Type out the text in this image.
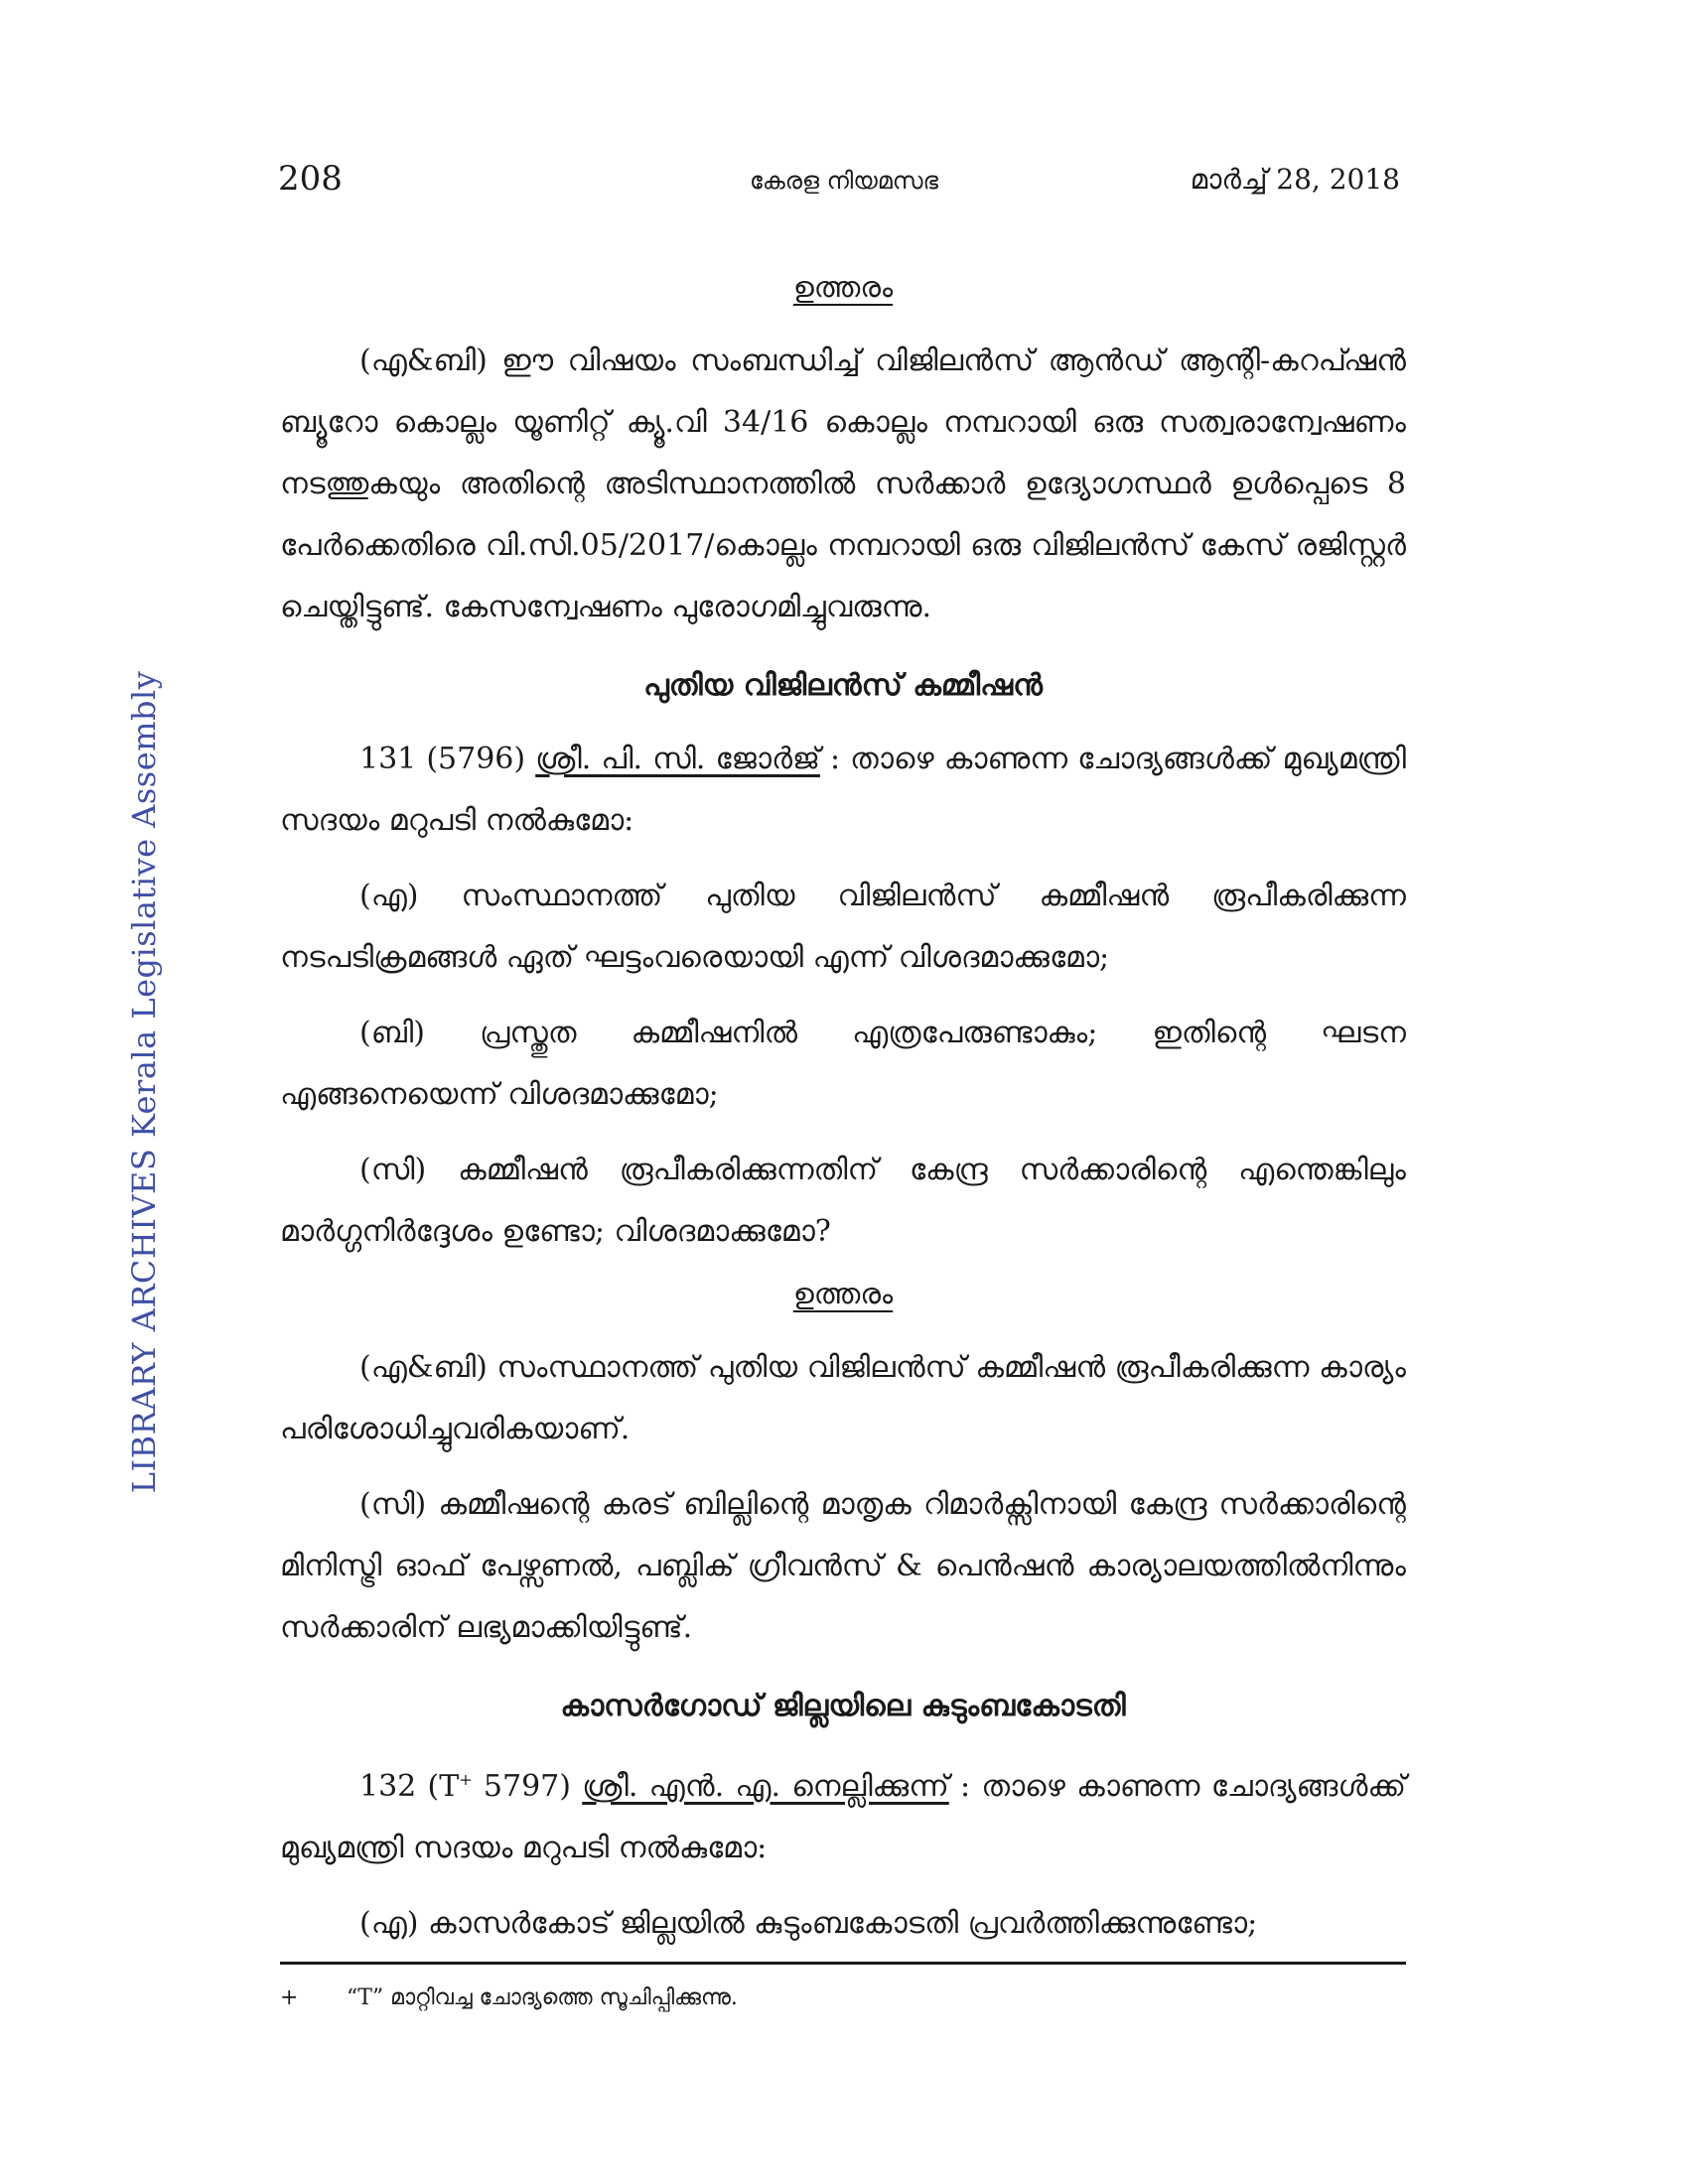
208	കേരള നിയമസഭ	മാർച്ച് 28, 2018
LIBRARY ARCHIVES Kerala Legislative Assembly
ഉത്തരം

(എ&ബി) ഈ വിഷയം സംബന്ധിച്ച് വിജിലൻസ് ആൻഡ് ആന്റി-കറപ്ഷൻ ബ്യൂറോ കൊല്ലം യൂണിറ്റ് ക്യൂ.വി 34/16 കൊല്ലം നമ്പറായി ഒരു സത്വരാന്വേഷണം നടത്തുകയും അതിന്റെ അടിസ്ഥാനത്തിൽ സർക്കാർ ഉദ്യോഗസ്ഥർ ഉൾപ്പെടെ 8 പേർക്കെതിരെ വി.സി.05/2017/കൊല്ലം നമ്പറായി ഒരു വിജിലൻസ് കേസ് രജിസ്റ്റർ ചെയ്തിട്ടുണ്ട്. കേസന്വേഷണം പുരോഗമിച്ചുവരുന്നു.

പുതിയ വിജിലൻസ് കമ്മീഷൻ

131 (5796) ശ്രീ. പി. സി. ജോർജ് : താഴെ കാണുന്ന ചോദ്യങ്ങൾക്ക് മുഖ്യമന്ത്രി സദയം മറുപടി നൽകുമോ:

(എ) സംസ്ഥാനത്ത് പുതിയ വിജിലൻസ് കമ്മീഷൻ രൂപീകരിക്കുന്ന നടപടിക്രമങ്ങൾ ഏത് ഘട്ടംവരെയായി എന്ന് വിശദമാക്കുമോ;

(ബി) പ്രസ്തുത കമ്മീഷനിൽ എത്രപേരുണ്ടാകും; ഇതിന്റെ ഘടന എങ്ങനെയെന്ന് വിശദമാക്കുമോ;

(സി) കമ്മീഷൻ രൂപീകരിക്കുന്നതിന് കേന്ദ്ര സർക്കാരിന്റെ എന്തെങ്കിലും മാർഗ്ഗനിർദ്ദേശം ഉണ്ടോ; വിശദമാക്കുമോ?

ഉത്തരം

(എ&ബി) സംസ്ഥാനത്ത് പുതിയ വിജിലൻസ് കമ്മീഷൻ രൂപീകരിക്കുന്ന കാര്യം പരിശോധിച്ചുവരികയാണ്.

(സി) കമ്മീഷന്റെ കരട് ബില്ലിന്റെ മാതൃക റിമാർക്സിനായി കേന്ദ്ര സർക്കാരിന്റെ മിനിസ്ട്രി ഓഫ് പേഴ്സണൽ, പബ്ലിക് ഗ്രീവൻസ് & പെൻഷൻ കാര്യാലയത്തിൽനിന്നും സർക്കാരിന് ലഭ്യമാക്കിയിട്ടുണ്ട്.

കാസർഗോഡ് ജില്ലയിലെ കുടുംബകോടതി

132 (T+ 5797) ശ്രീ. എൻ. എ. നെല്ലിക്കുന്ന് : താഴെ കാണുന്ന ചോദ്യങ്ങൾക്ക് മുഖ്യമന്ത്രി സദയം മറുപടി നൽകുമോ:

(എ) കാസർകോട് ജില്ലയിൽ കുടുംബകോടതി പ്രവർത്തിക്കുന്നുണ്ടോ;

+ “T” മാറ്റിവച്ച ചോദ്യത്തെ സൂചിപ്പിക്കുന്നു.
